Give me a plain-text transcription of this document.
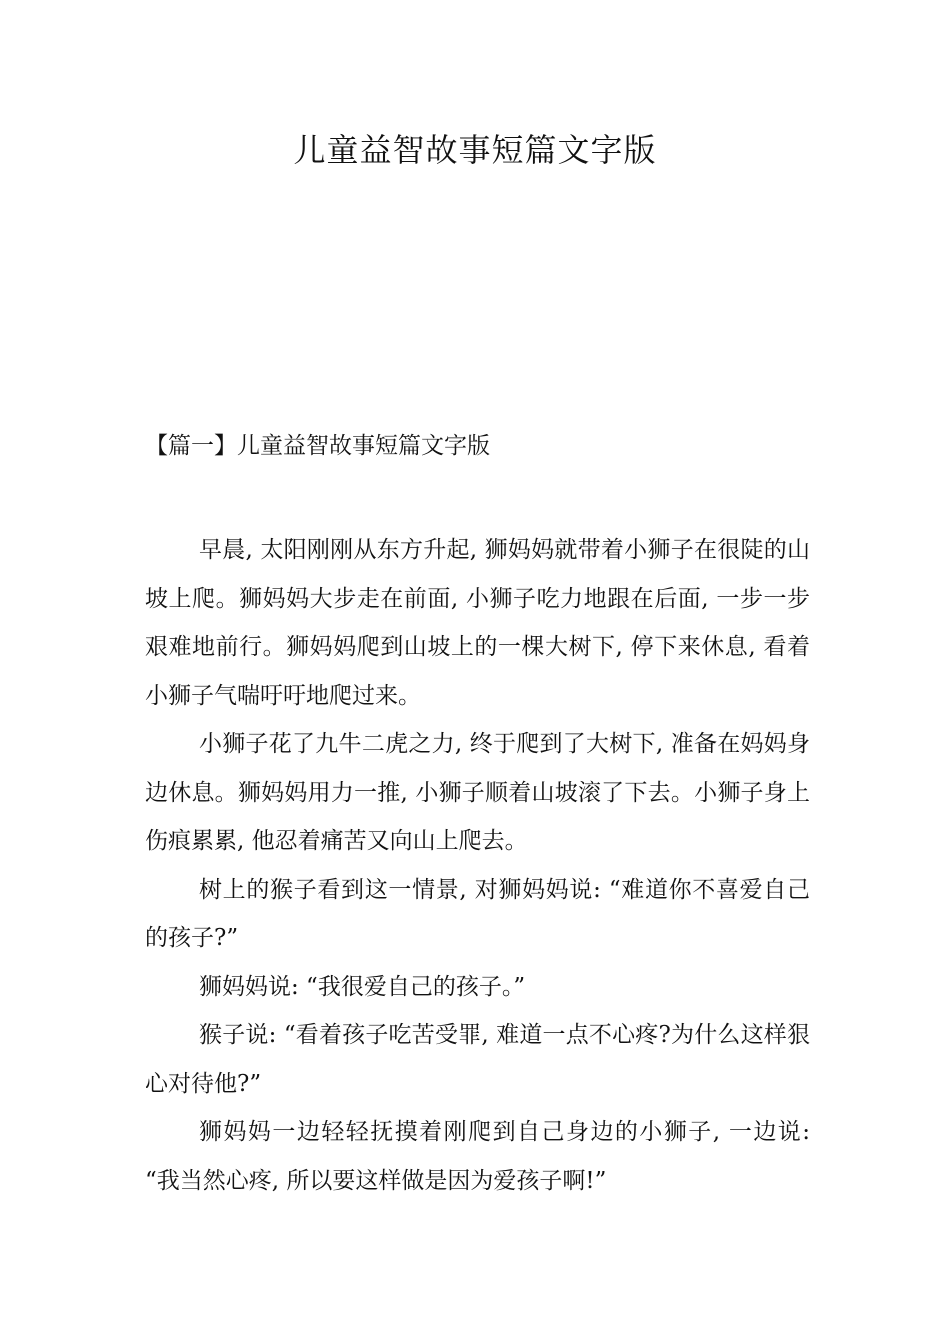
儿童益智故事短篇文字版
【篇一】儿童益智故事短篇文字版

早晨, 太阳刚刚从东方升起, 狮妈妈就带着小狮子在很陡的山坡上爬。狮妈妈大步走在前面, 小狮子吃力地跟在后面, 一步一步艰难地前行。狮妈妈爬到山坡上的一棵大树下, 停下来休息, 看着小狮子气喘吁吁地爬过来。

小狮子花了九牛二虎之力, 终于爬到了大树下, 准备在妈妈身边休息。狮妈妈用力一推, 小狮子顺着山坡滚了下去。小狮子身上伤痕累累, 他忍着痛苦又向山上爬去。

树上的猴子看到这一情景, 对狮妈妈说: “难道你不喜爱自己的孩子?”

狮妈妈说: “我很爱自己的孩子。”

猴子说: “看着孩子吃苦受罪, 难道一点不心疼?为什么这样狠心对待他?”

狮妈妈一边轻轻抚摸着刚爬到自己身边的小狮子, 一边说: “我当然心疼, 所以要这样做是因为爱孩子啊!”
